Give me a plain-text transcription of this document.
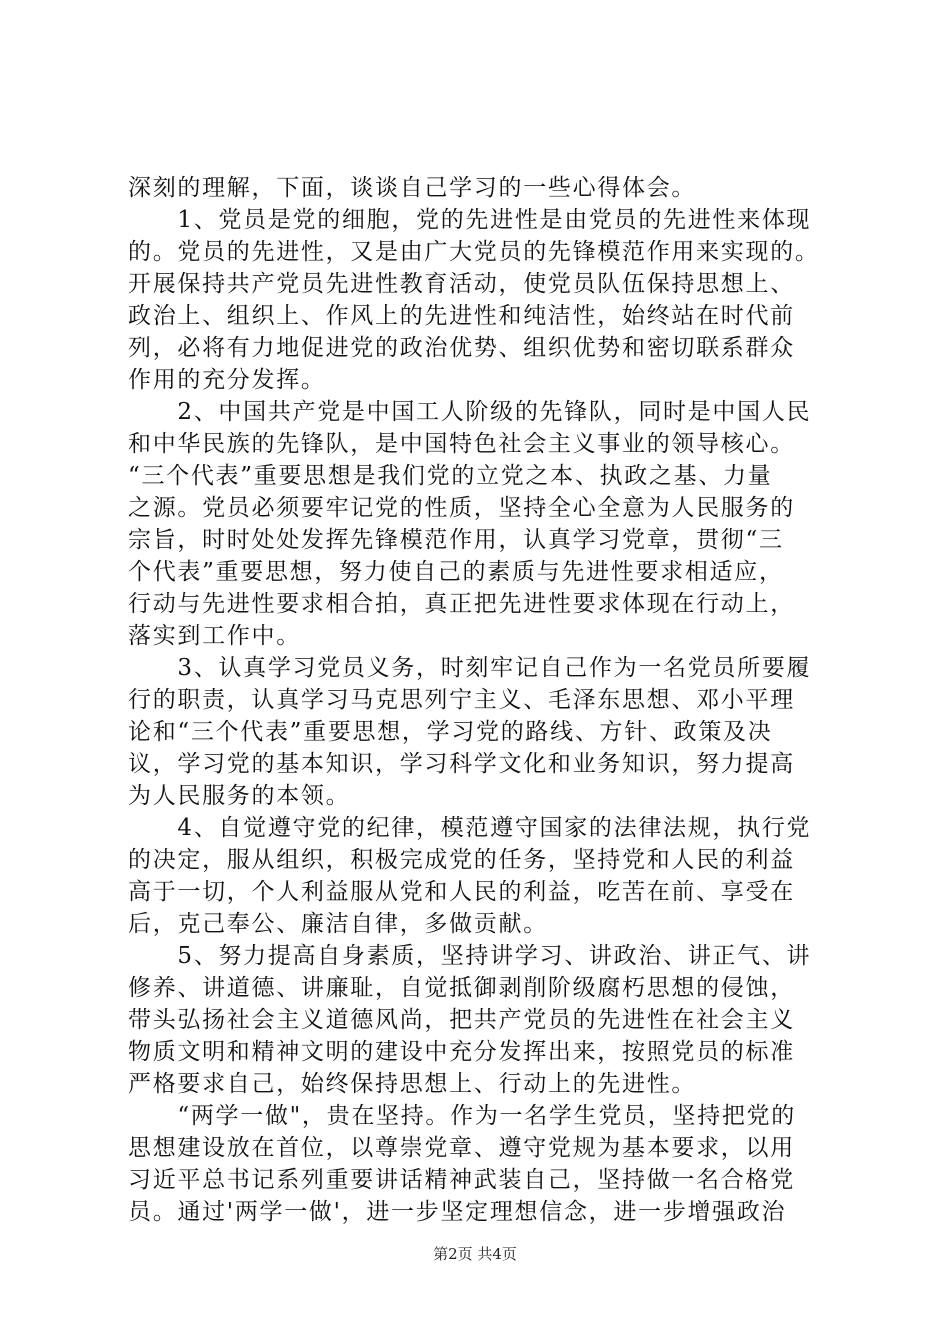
深刻的理解，下面，谈谈自己学习的一些心得体会。
　　1、党员是党的细胞，党的先进性是由党员的先进性来体现
的。党员的先进性，又是由广大党员的先锋模范作用来实现的。
开展保持共产党员先进性教育活动，使党员队伍保持思想上、
政治上、组织上、作风上的先进性和纯洁性，始终站在时代前
列，必将有力地促进党的政治优势、组织优势和密切联系群众
作用的充分发挥。
　　2、中国共产党是中国工人阶级的先锋队，同时是中国人民
和中华民族的先锋队，是中国特色社会主义事业的领导核心。
“三个代表”重要思想是我们党的立党之本、执政之基、力量
之源。党员必须要牢记党的性质，坚持全心全意为人民服务的
宗旨，时时处处发挥先锋模范作用，认真学习党章，贯彻“三
个代表”重要思想，努力使自己的素质与先进性要求相适应，
行动与先进性要求相合拍，真正把先进性要求体现在行动上，
落实到工作中。
　　3、认真学习党员义务，时刻牢记自己作为一名党员所要履
行的职责，认真学习马克思列宁主义、毛泽东思想、邓小平理
论和“三个代表”重要思想，学习党的路线、方针、政策及决
议，学习党的基本知识，学习科学文化和业务知识，努力提高
为人民服务的本领。
　　4、自觉遵守党的纪律，模范遵守国家的法律法规，执行党
的决定，服从组织，积极完成党的任务，坚持党和人民的利益
高于一切，个人利益服从党和人民的利益，吃苦在前、享受在
后，克己奉公、廉洁自律，多做贡献。
　　5、努力提高自身素质，坚持讲学习、讲政治、讲正气、讲
修养、讲道德、讲廉耻，自觉抵御剥削阶级腐朽思想的侵蚀，
带头弘扬社会主义道德风尚，把共产党员的先进性在社会主义
物质文明和精神文明的建设中充分发挥出来，按照党员的标准
严格要求自己，始终保持思想上、行动上的先进性。
　　“两学一做"，贵在坚持。作为一名学生党员，坚持把党的
思想建设放在首位，以尊崇党章、遵守党规为基本要求，以用
习近平总书记系列重要讲话精神武装自己，坚持做一名合格党
员。通过'两学一做'，进一步坚定理想信念，进一步增强政治
第2页 共4页
